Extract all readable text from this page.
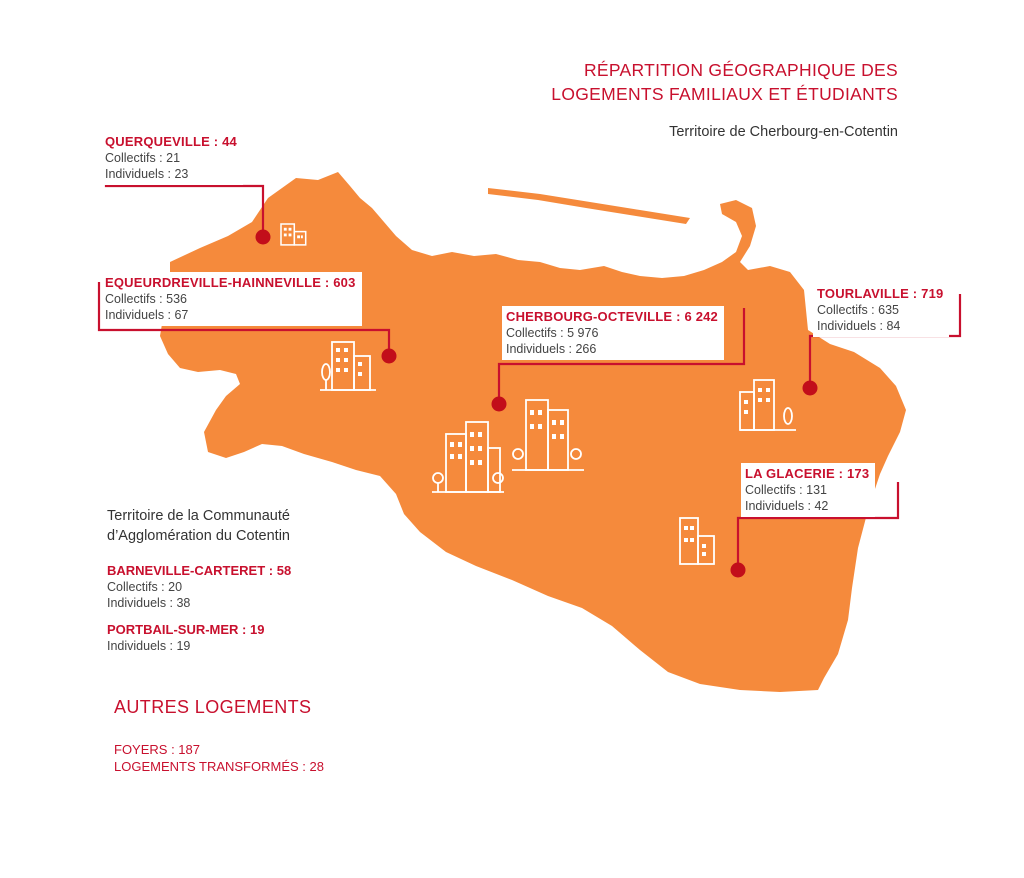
RÉPARTITION GÉOGRAPHIQUE DES
LOGEMENTS FAMILIAUX ET ÉTUDIANTS
Territoire de Cherbourg-en-Cotentin
QUERQUEVILLE : 44
Collectifs : 21
Individuels : 23
EQUEURDREVILLE-HAINNEVILLE : 603
Collectifs : 536
Individuels : 67	CHERBOURG-OCTEVILLE : 6 242
Collectifs : 5 976
Individuels : 266
TOURLAVILLE : 719
Collectifs : 635
Individuels : 84
LA GLACERIE : 173
Collectifs : 131
Individuels : 42
Territoire de la Communauté
d’Agglomération du Cotentin
BARNEVILLE-CARTERET : 58
Collectifs : 20
Individuels : 38
PORTBAIL-SUR-MER : 19
Individuels : 19
AUTRES LOGEMENTS
FOYERS : 187
LOGEMENTS TRANSFORMÉS : 28
